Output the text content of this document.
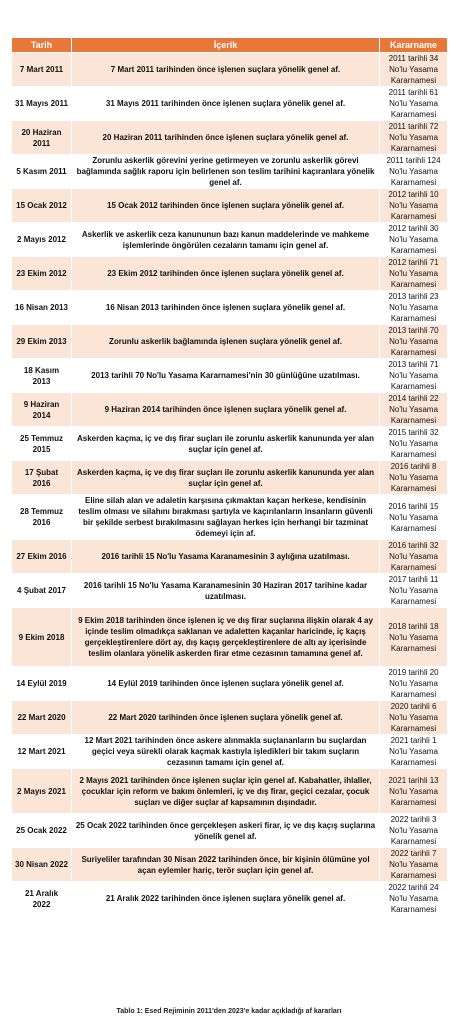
Tarih	İçerik	Kararname
7 Mart 2011	7 Mart 2011 tarihinden önce işlenen suçlara yönelik genel af.	2011 tarihli 34 No'lu Yasama Kararnamesi
31 Mayıs 2011	31 Mayıs 2011 tarihinden önce işlenen suçlara yönelik genel af.	2011 tarihli 61 No'lu Yasama Kararnamesi
20 Haziran 2011	20 Haziran 2011 tarihinden önce işlenen suçlara yönelik genel af.	2011 tarihli 72 No'lu Yasama Kararnamesi
5 Kasım 2011	Zorunlu askerlik görevini yerine getirmeyen ve zorunlu askerlik görevi bağlamında sağlık raporu için belirlenen son teslim tarihini kaçıranlara yönelik genel af.	2011 tarihli 124 No'lu Yasama Kararnamesi
15 Ocak 2012	15 Ocak 2012 tarihinden önce işlenen suçlara yönelik genel af.	2012 tarihli 10 No'lu Yasama Kararnamesi
2 Mayıs 2012	Askerlik ve askerlik ceza kanununun bazı kanun maddelerinde ve mahkeme işlemlerinde öngörülen cezaların tamamı için genel af.	2012 tarihli 30 No'lu Yasama Kararnamesi
23 Ekim 2012	23 Ekim 2012 tarihinden önce işlenen suçlara yönelik genel af.	2012 tarihli 71 No'lu Yasama Kararnamesi
16 Nisan 2013	16 Nisan 2013 tarihinden önce işlenen suçlara yönelik genel af.	2013 tarihli 23 No'lu Yasama Kararnamesi
29 Ekim 2013	Zorunlu askerlik bağlamında işlenen suçlara yönelik genel af.	2013 tarihli 70 No'lu Yasama Kararnamesi
18 Kasım 2013	2013 tarihli 70 No'lu Yasama Kararnamesi'nin 30 günlüğüne uzatılması.	2013 tarihli 71 No'lu Yasama Kararnamesi
9 Haziran 2014	9 Haziran 2014 tarihinden önce işlenen suçlara yönelik genel af.	2014 tarihli 22 No'lu Yasama Kararnamesi
25 Temmuz 2015	Askerden kaçma, iç ve dış firar suçları ile zorunlu askerlik kanununda yer alan suçlar için genel af.	2015 tarihli 32 No'lu Yasama Kararnamesi
17 Şubat 2016	Askerden kaçma, iç ve dış firar suçları ile zorunlu askerlik kanununda yer alan suçlar için genel af.	2016 tarihli 8 No'lu Yasama Kararnamesi
28 Temmuz 2016	Eline silah alan ve adaletin karşısına çıkmaktan kaçan herkese, kendisinin teslim olması ve silahını bırakması şartıyla ve kaçırılanların insanların güvenli bir şekilde serbest bırakılmasını sağlayan herkes için herhangi bir tazminat ödemeyi için af.	2016 tarihli 15 No'lu Yasama Kararnamesi
27 Ekim 2016	2016 tarihli 15 No'lu Yasama Karanamesinin 3 aylığına uzatılması.	2016 tarihli 32 No'lu Yasama Kararnamesi
4 Şubat 2017	2016 tarihli 15 No'lu Yasama Karanamesinin 30 Haziran 2017 tarihine kadar uzatılması.	2017 tarihli 11 No'lu Yasama Kararnamesi
9 Ekim 2018	9 Ekim 2018 tarihinden önce işlenen iç ve dış firar suçlarına ilişkin olarak 4 ay içinde teslim olmadıkça saklanan ve adaletten kaçanlar haricinde, iç kaçış gerçekleştirenlere dört ay, dış kaçış gerçekleştirenlere de altı ay içerisinde teslim olanlara yönelik askerden firar etme cezasının tamamına genel af.	2018 tarihli 18 No'lu Yasama Kararnamesi
14 Eylül 2019	14 Eylül 2019 tarihinden önce işlenen suçlara yönelik genel af.	2019 tarihli 20 No'lu Yasama Kararnamesi
22 Mart 2020	22 Mart 2020 tarihinden önce işlenen suçlara yönelik genel af.	2020 tarihli 6 No'lu Yasama Kararnamesi
12 Mart 2021	12 Mart 2021 tarihinden önce askere alınmakla suçlananların bu suçlardan geçici veya sürekli olarak kaçmak kastıyla işledikleri bir takım suçların cezasının tamamı için genel af.	2021 tarihli 1 No'lu Yasama Kararnamesi
2 Mayıs 2021	2 Mayıs 2021 tarihinden önce işlenen suçlar için genel af. Kabahatler, ihlaller, çocuklar için reform ve bakım önlemleri, iç ve dış firar, geçici cezalar, çocuk suçları ve diğer suçlar af kapsamının dışındadır.	2021 tarihli 13 No'lu Yasama Kararnamesi
25 Ocak 2022	25 Ocak 2022 tarihinden önce gerçekleşen askeri firar, iç ve dış kaçış suçlarına yönelik genel af.	2022 tarihli 3 No'lu Yasama Kararnamesi
30 Nisan 2022	Suriyeliler tarafından 30 Nisan 2022 tarihinden önce, bir kişinin ölümüne yol açan eylemler hariç, terör suçları için genel af.	2022 tarihli 7 No'lu Yasama Kararnamesi
21 Aralık 2022	21 Aralık 2022 tarihinden önce işlenen suçlara yönelik genel af.	2022 tarihli 24 No'lu Yasama Kararnamesi
Tablo 1: Esed Rejiminin 2011'den 2023'e kadar açıkladığı af kararları
